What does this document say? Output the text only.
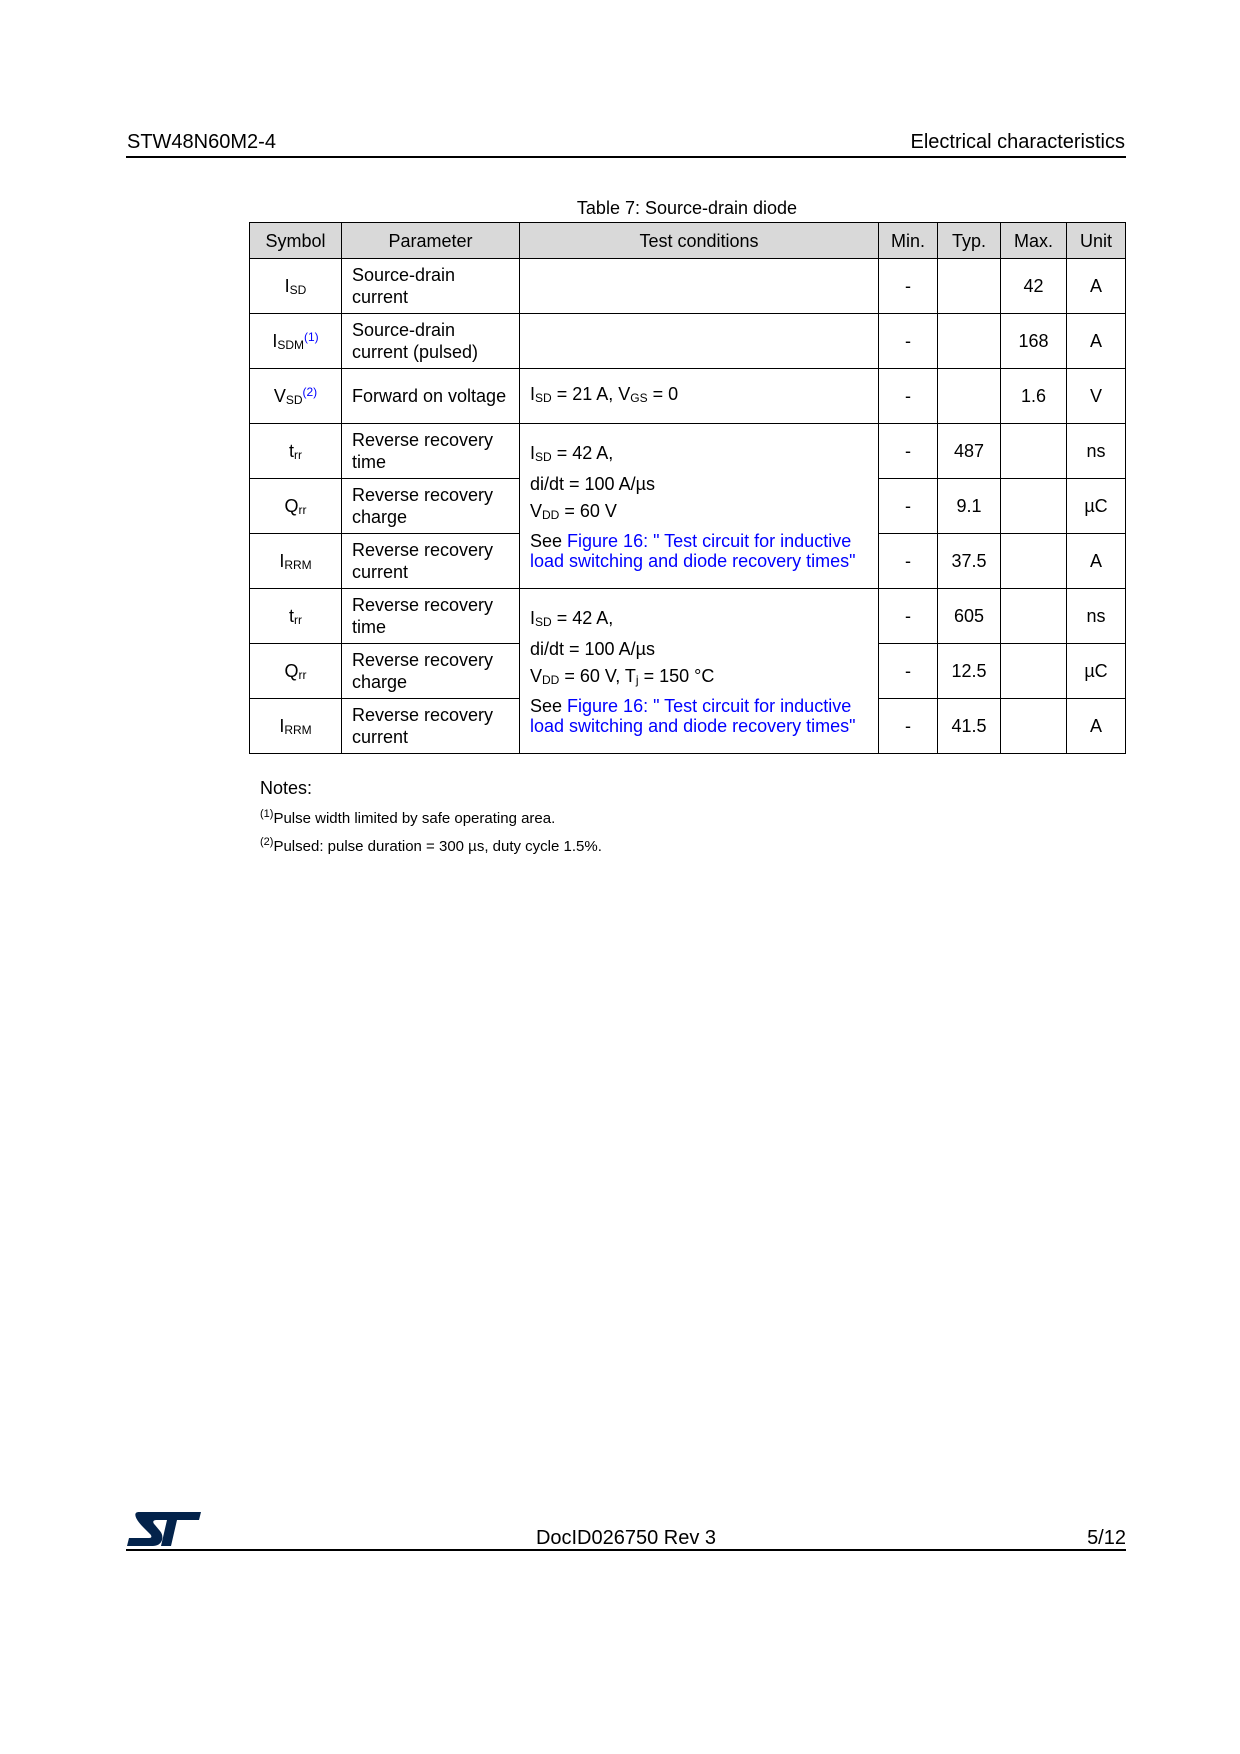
STW48N60M2-4	Electrical characteristics
Table 7: Source-drain diode
Symbol	Parameter	Test conditions	Min.	Typ.	Max.	Unit
$I_{SD}$	Source-drain current		-		42	A
$I_{SDM}^{(1)}$	Source-drain current (pulsed)		-		168	A
$V_{SD}^{(2)}$	Forward on voltage	$I_{SD} = 21$ A, $V_{GS} = 0$	-		1.6	V
$t_{rr}$	Reverse recovery time	$I_{SD} = 42$ A,
di/dt = 100 A/µs
$V_{DD} = 60$ V
See Figure 16: " Test circuit for inductive load switching and diode recovery times"	-	487		ns
$Q_{rr}$	Reverse recovery charge		-	9.1		µC
$I_{RRM}$	Reverse recovery current		-	37.5		A
$t_{rr}$	Reverse recovery time	$I_{SD} = 42$ A,
di/dt = 100 A/µs
$V_{DD} = 60$ V, $T_j = 150$ °C
See Figure 16: " Test circuit for inductive load switching and diode recovery times"	-	605		ns
$Q_{rr}$	Reverse recovery charge		-	12.5		µC
$I_{RRM}$	Reverse recovery current		-	41.5		A
Notes:
$^{(1)}$Pulse width limited by safe operating area.
$^{(2)}$Pulsed: pulse duration = 300 µs, duty cycle 1.5%.
DocID026750 Rev 3	5/12
